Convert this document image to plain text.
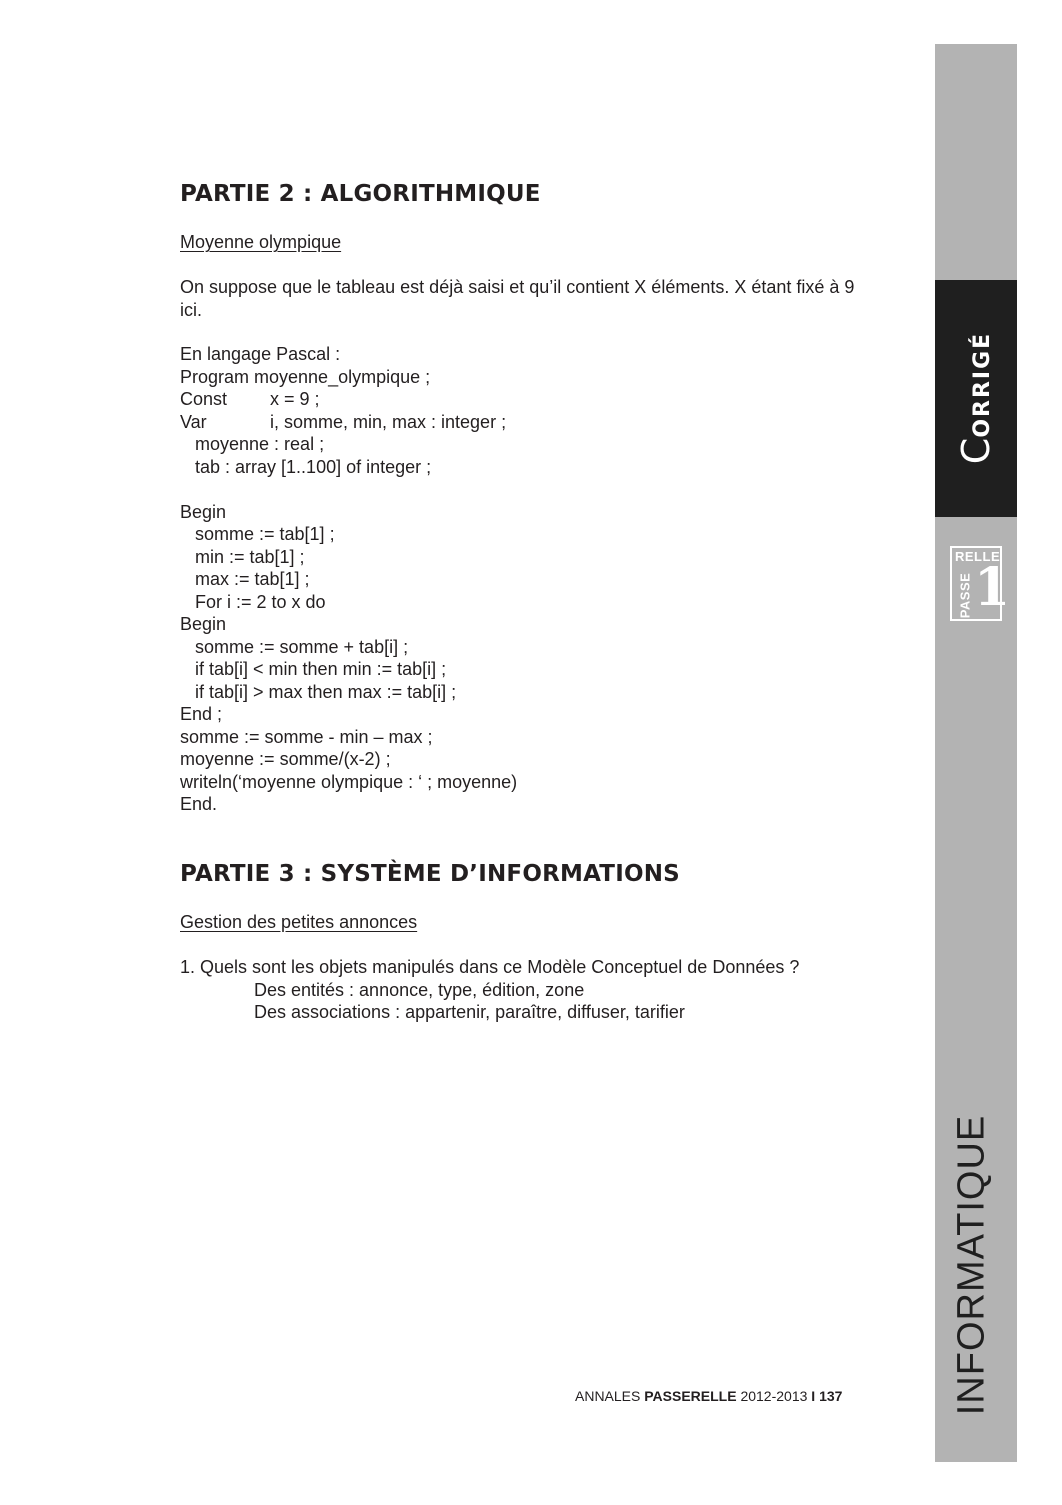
PARTIE 2 : ALGORITHMIQUE
Moyenne olympique
On suppose que le tableau est déjà saisi et qu’il contient X éléments. X étant fixé à 9 ici.
En langage Pascal :
Program moyenne_olympique ;
Const x = 9 ;
Var	i, somme, min, max : integer ;
moyenne : real ;
tab : array [1..100] of integer ;
Begin
somme := tab[1] ;
min := tab[1] ;
max := tab[1] ;
For i := 2 to x do
Begin
somme := somme + tab[i] ;
if tab[i] < min then min := tab[i] ;
if tab[i] > max then max := tab[i] ;
End ;
somme := somme - min – max ;
moyenne := somme/(x-2) ;
writeln(‘moyenne olympique : ‘ ; moyenne)
End.
PARTIE 3 : SYSTÈME D’INFORMATIONS
Gestion des petites annonces
1. Quels sont les objets manipulés dans ce Modèle Conceptuel de Données ?
Des entités : annonce, type, édition, zone
Des associations : appartenir, paraître, diffuser, tarifier
ANNALES PASSERELLE 2012-2013 I 137
CORRIGÉ
RELLE
PASSE 1
INFORMATIQUE
